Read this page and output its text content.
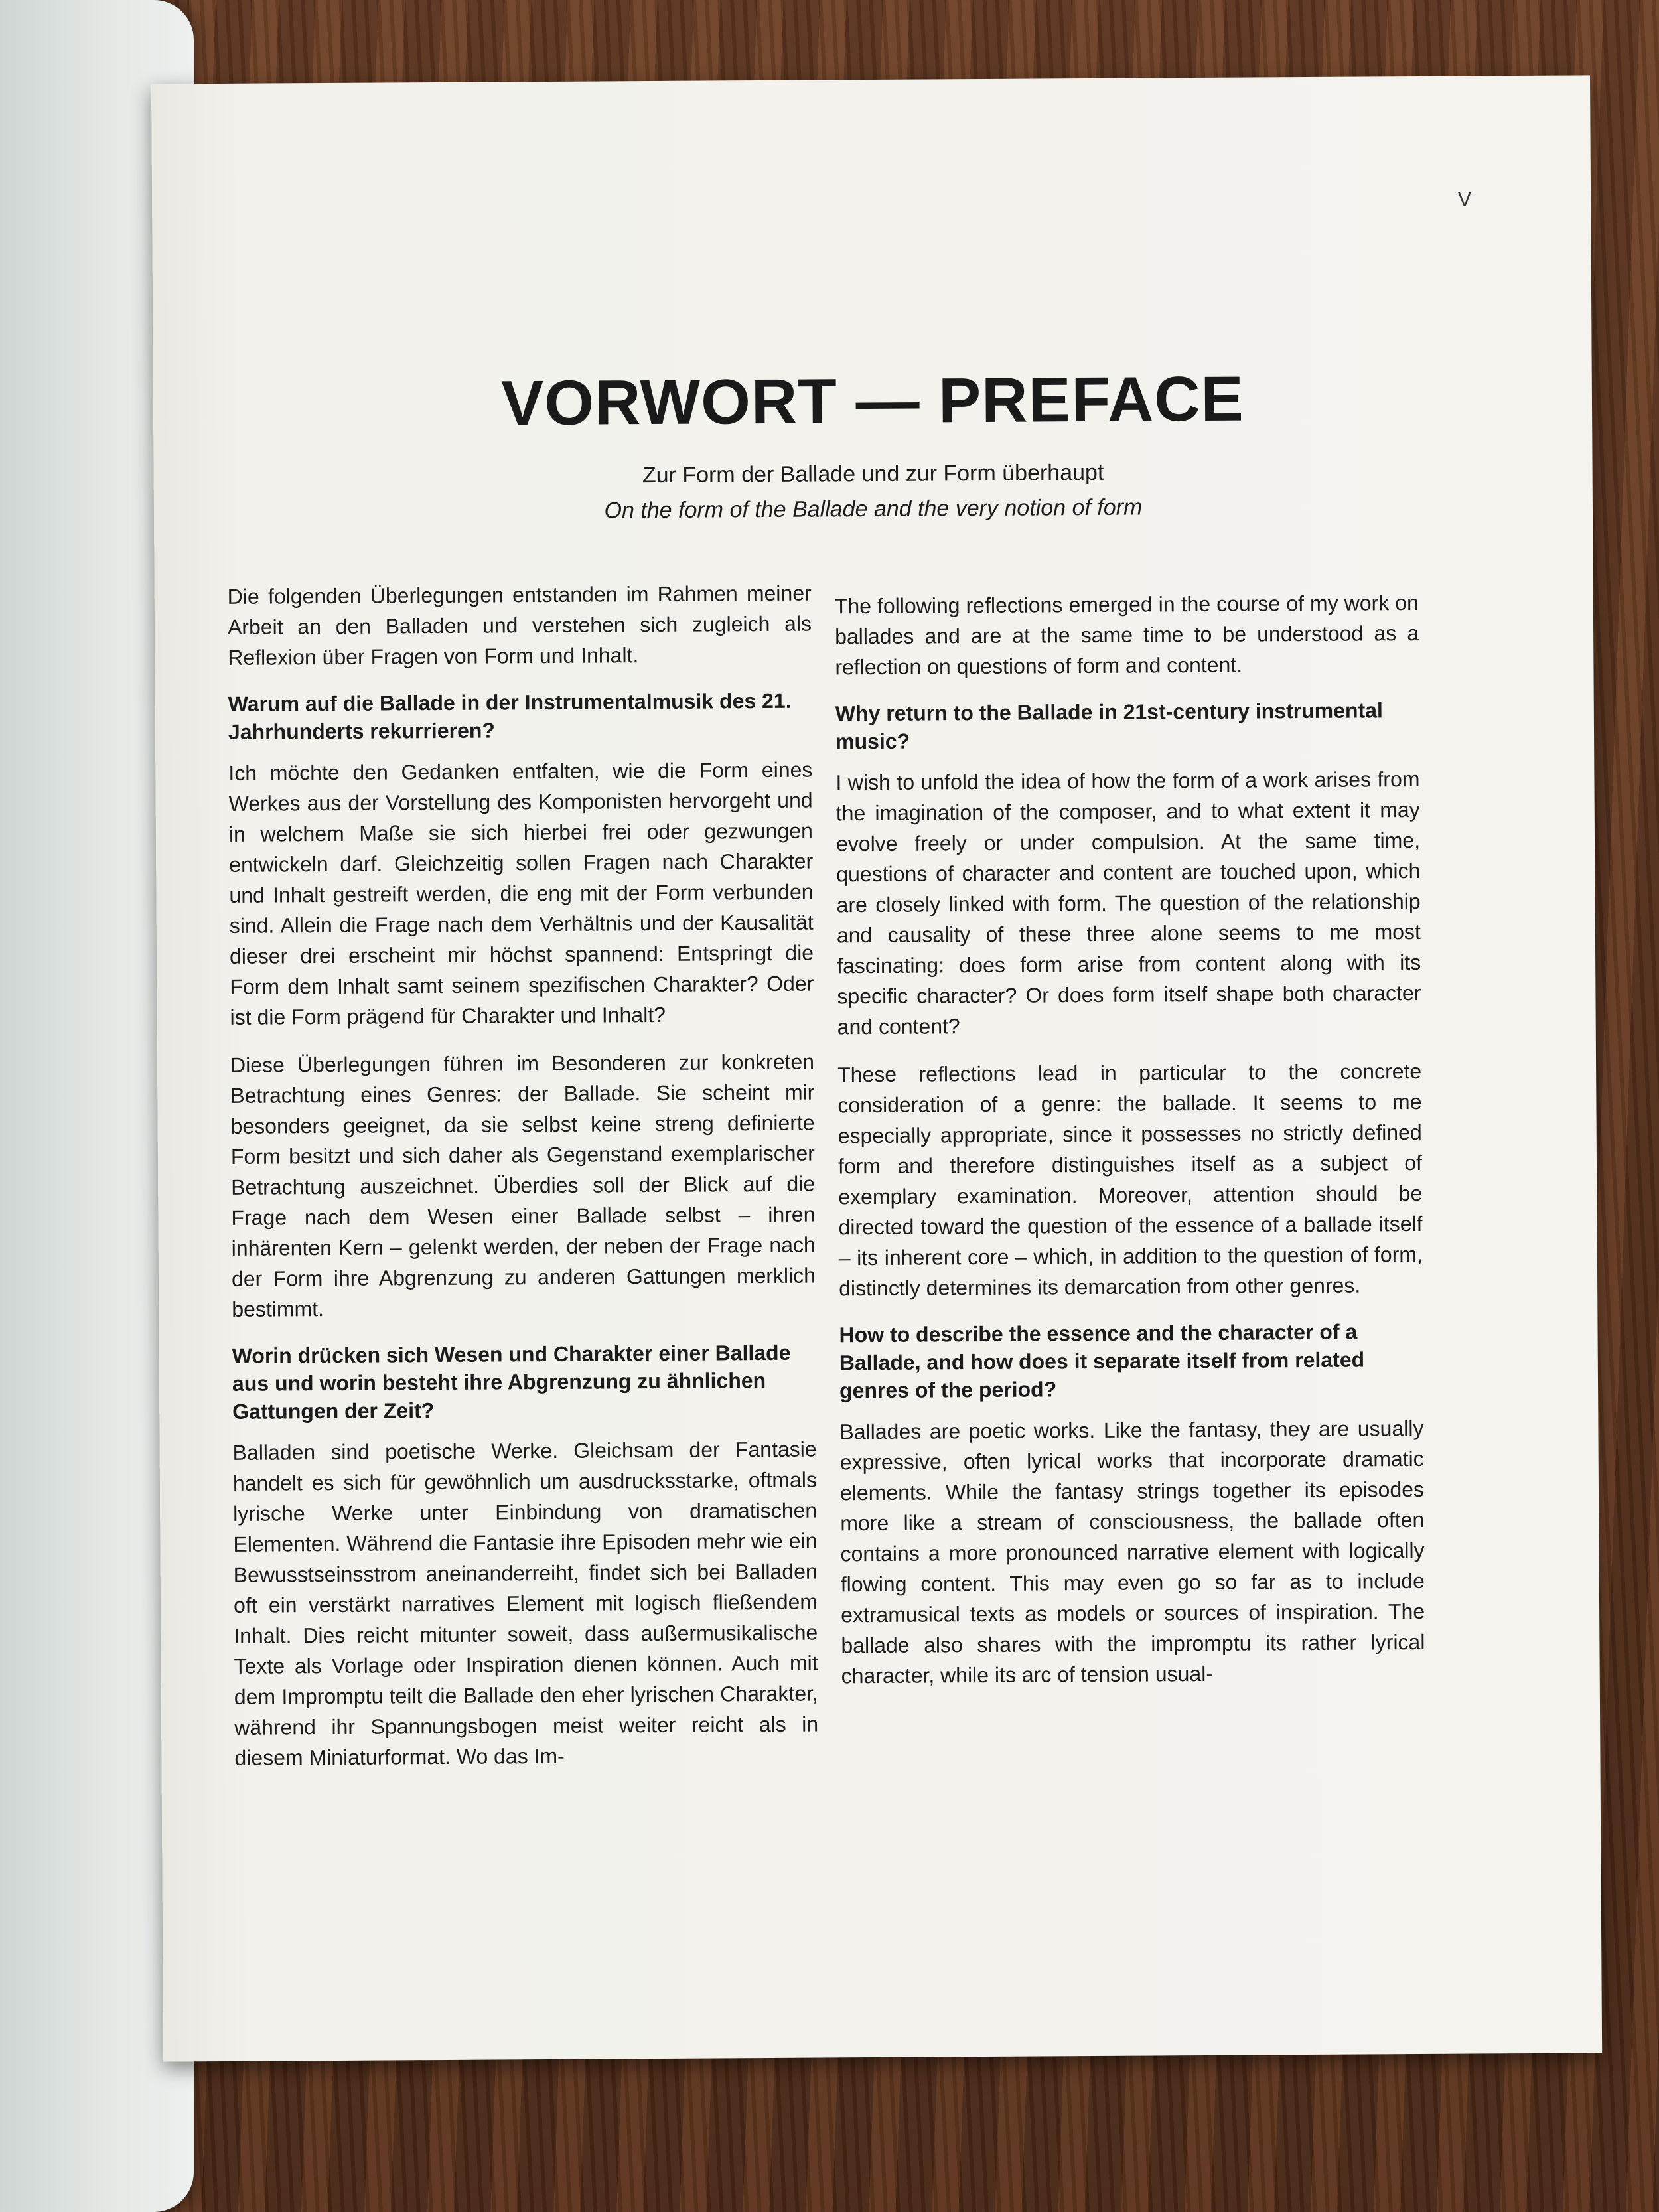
V
VORWORT — PREFACE
Zur Form der Ballade und zur Form überhaupt
On the form of the Ballade and the very notion of form

Die folgenden Überlegungen entstanden im Rahmen meiner Arbeit an den Balladen und verstehen sich zugleich als Reflexion über Fragen von Form und Inhalt.

Warum auf die Ballade in der Instrumentalmusik des 21. Jahrhunderts rekurrieren?

Ich möchte den Gedanken entfalten, wie die Form eines Werkes aus der Vorstellung des Komponisten hervorgeht und in welchem Maße sie sich hierbei frei oder gezwungen entwickeln darf. Gleichzeitig sollen Fragen nach Charakter und Inhalt gestreift werden, die eng mit der Form verbunden sind. Allein die Frage nach dem Verhältnis und der Kausalität dieser drei erscheint mir höchst spannend: Entspringt die Form dem Inhalt samt seinem spezifischen Charakter? Oder ist die Form prägend für Charakter und Inhalt?

Diese Überlegungen führen im Besonderen zur konkreten Betrachtung eines Genres: der Ballade. Sie scheint mir besonders geeignet, da sie selbst keine streng definierte Form besitzt und sich daher als Gegenstand exemplarischer Betrachtung auszeichnet. Überdies soll der Blick auf die Frage nach dem Wesen einer Ballade selbst – ihren inhärenten Kern – gelenkt werden, der neben der Frage nach der Form ihre Abgrenzung zu anderen Gattungen merklich bestimmt.

Worin drücken sich Wesen und Charakter einer Ballade aus und worin besteht ihre Abgrenzung zu ähnlichen Gattungen der Zeit?

Balladen sind poetische Werke. Gleichsam der Fantasie handelt es sich für gewöhnlich um ausdrucksstarke, oftmals lyrische Werke unter Einbindung von dramatischen Elementen. Während die Fantasie ihre Episoden mehr wie ein Bewusstseinsstrom aneinanderreiht, findet sich bei Balladen oft ein verstärkt narratives Element mit logisch fließendem Inhalt. Dies reicht mitunter soweit, dass außermusikalische Texte als Vorlage oder Inspiration dienen können. Auch mit dem Impromptu teilt die Ballade den eher lyrischen Charakter, während ihr Spannungsbogen meist weiter reicht als in diesem Miniaturformat. Wo das Im-

The following reflections emerged in the course of my work on ballades and are at the same time to be understood as a reflection on questions of form and content.

Why return to the Ballade in 21st-century instrumental music?

I wish to unfold the idea of how the form of a work arises from the imagination of the composer, and to what extent it may evolve freely or under compulsion. At the same time, questions of character and content are touched upon, which are closely linked with form. The question of the relationship and causality of these three alone seems to me most fascinating: does form arise from content along with its specific character? Or does form itself shape both character and content?

These reflections lead in particular to the concrete consideration of a genre: the ballade. It seems to me especially appropriate, since it possesses no strictly defined form and therefore distinguishes itself as a subject of exemplary examination. Moreover, attention should be directed toward the question of the essence of a ballade itself – its inherent core – which, in addition to the question of form, distinctly determines its demarcation from other genres.

How to describe the essence and the character of a Ballade, and how does it separate itself from related genres of the period?

Ballades are poetic works. Like the fantasy, they are usually expressive, often lyrical works that incorporate dramatic elements. While the fantasy strings together its episodes more like a stream of consciousness, the ballade often contains a more pronounced narrative element with logically flowing content. This may even go so far as to include extramusical texts as models or sources of inspiration. The ballade also shares with the impromptu its rather lyrical character, while its arc of tension usual-
